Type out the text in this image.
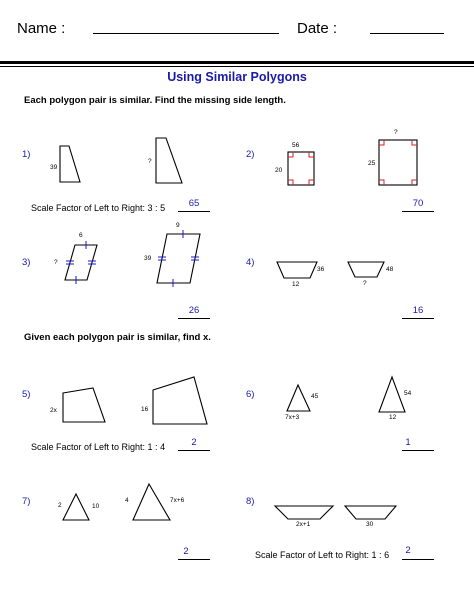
Name :	Date :
Using Similar Polygons
Each polygon pair is similar. Find the missing side length.
Given each polygon pair is similar, find x.
1)
39
?
Scale Factor of Left to Right: 3 : 5	65
2)
56
20
?
25
70
3)
6
?
9
39
26
4)
36
12
48
?
16
5)
2x	16
Scale Factor of Left to Right: 1 : 4	2
6)	45
7x+3
54
12
1
7)	2	10
4	7x+6
2
8)
2x+1	30
Scale Factor of Left to Right: 1 : 6	2
